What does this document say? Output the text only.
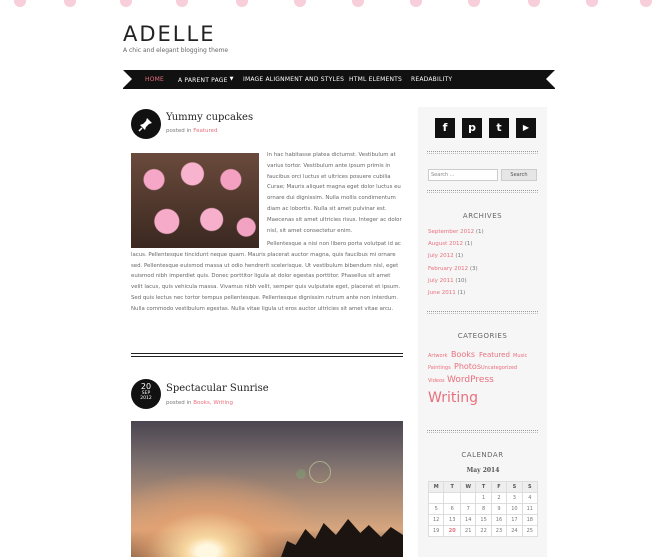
ADELLE
A chic and elegant blogging theme
HOME A PARENT PAGE ▼ IMAGE ALIGNMENT AND STYLES HTML ELEMENTS READABILITY
Yummy cupcakes
posted in Featured
In hac habitasse platea dictumst. Vestibulum at varius tortor. Vestibulum ante ipsum primis in faucibus orci luctus et ultrices posuere cubilia Curae; Mauris aliquet magna eget dolor luctus eu ornare dui dignissim. Nulla mollis condimentum diam ac lobortis. Nulla sit amet pulvinar est. Maecenas sit amet ultricies risus. Integer ac dolor nisl, sit amet consectetur enim.
Pellentesque a nisi non libero porta volutpat id ac lacus. Pellentesque tincidunt neque quam. Mauris placerat auctor magna, quis faucibus mi ornare sed. Pellentesque euismod massa ut odio hendrerit scelerisque. Ut vestibulum bibendum nisl, eget euismod nibh imperdiet quis. Donec porttitor ligula at dolor egestas porttitor. Phasellus sit amet velit lacus, quis vehicula massa. Vivamus nibh velit, semper quis vulputate eget, placerat et ipsum. Sed quis lectus nec tortor tempus pellentesque. Pellentesque dignissim rutrum ante non interdum. Nulla commodo vestibulum egestas. Nulla vitae ligula ut eros auctor ultricies sit amet vitae arcu.
20
SEP
2012
Spectacular Sunrise
posted in Books, Writing
f	p	t	▶
Search ...	Search
ARCHIVES
September 2012 (1)
August 2012 (1)
July 2012 (1)
February 2012 (3)
July 2011 (10)
June 2011 (1)
CATEGORIES
Artwork Books Featured Music
Paintings Photos Uncategorized
Videos WordPress
Writing
CALENDAR
May 2014
M	T	W	T	F	S	S
			1	2	3	4
5	6	7	8	9	10	11
12	13	14	15	16	17	18
19	20	21	22	23	24	25
